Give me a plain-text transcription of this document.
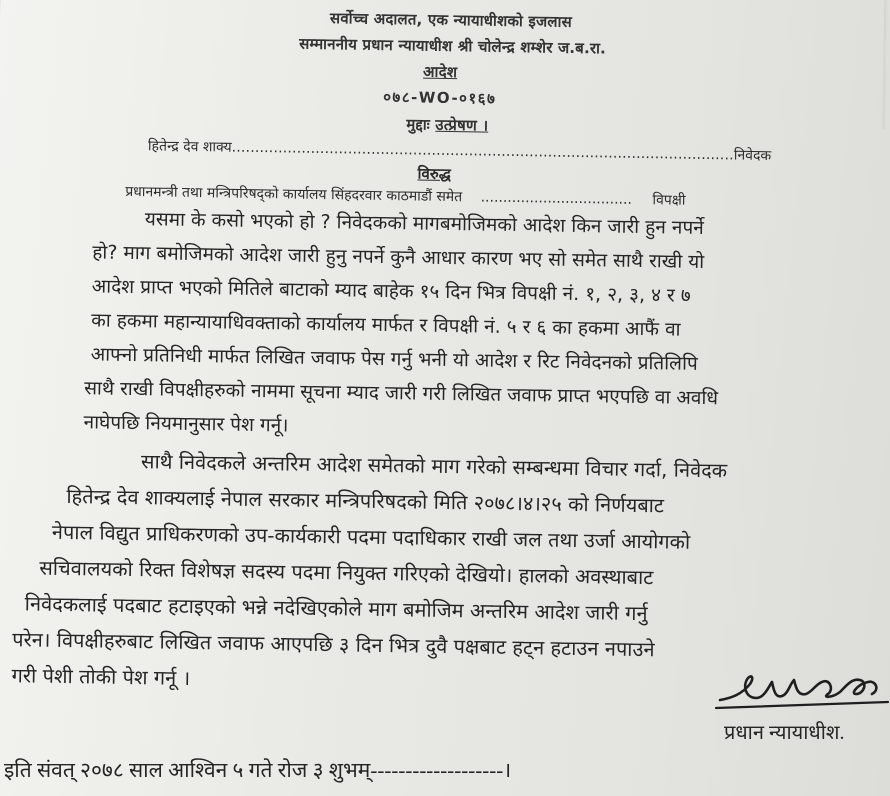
सर्वोच्च अदालत, एक न्यायाधीशको इजलास
सम्माननीय प्रधान न्यायाधीश श्री चोलेन्द्र शम्शेर ज.ब.रा.
आदेश
०७८-WO-०१६७
मुद्दाः उत्प्रेषण ।
हितेन्द्र देव शाक्य............................................................................................................निवेदक
विरुद्ध
प्रधानमन्त्री तथा मन्त्रिपरिषद्को कार्यालय सिंहदरवार काठमाडौं समेत .................................. विपक्षी
यसमा के कसो भएको हो ? निवेदकको मागबमोजिमको आदेश किन जारी हुन नपर्ने
हो? माग बमोजिमको आदेश जारी हुनु नपर्ने कुनै आधार कारण भए सो समेत साथै राखी यो
आदेश प्राप्त भएको मितिले बाटाको म्याद बाहेक १५ दिन भित्र विपक्षी नं. १, २, ३, ४ र ७
का हकमा महान्यायाधिवक्ताको कार्यालय मार्फत र विपक्षी नं. ५ र ६ का हकमा आफैं वा
आफ्नो प्रतिनिधी मार्फत लिखित जवाफ पेस गर्नु भनी यो आदेश र रिट निवेदनको प्रतिलिपि
साथै राखी विपक्षीहरुको नाममा सूचना म्याद जारी गरी लिखित जवाफ प्राप्त भएपछि वा अवधि
नाघेपछि नियमानुसार पेश गर्नू।
साथै निवेदकले अन्तरिम आदेश समेतको माग गरेको सम्बन्धमा विचार गर्दा, निवेदक
हितेन्द्र देव शाक्यलाई नेपाल सरकार मन्त्रिपरिषदको मिति २०७८।४।२५ को निर्णयबाट
नेपाल विद्युत प्राधिकरणको उप-कार्यकारी पदमा पदाधिकार राखी जल तथा उर्जा आयोगको
सचिवालयको रिक्त विशेषज्ञ सदस्य पदमा नियुक्त गरिएको देखियो। हालको अवस्थाबाट
निवेदकलाई पदबाट हटाइएको भन्ने नदेखिएकोले माग बमोजिम अन्तरिम आदेश जारी गर्नु
परेन। विपक्षीहरुबाट लिखित जवाफ आएपछि ३ दिन भित्र दुवै पक्षबाट हट्न हटाउन नपाउने
गरी पेशी तोकी पेश गर्नू ।
प्रधान न्यायाधीश.
इति संवत् २०७८ साल आश्विन ५ गते रोज ३ शुभम्-------------------।
